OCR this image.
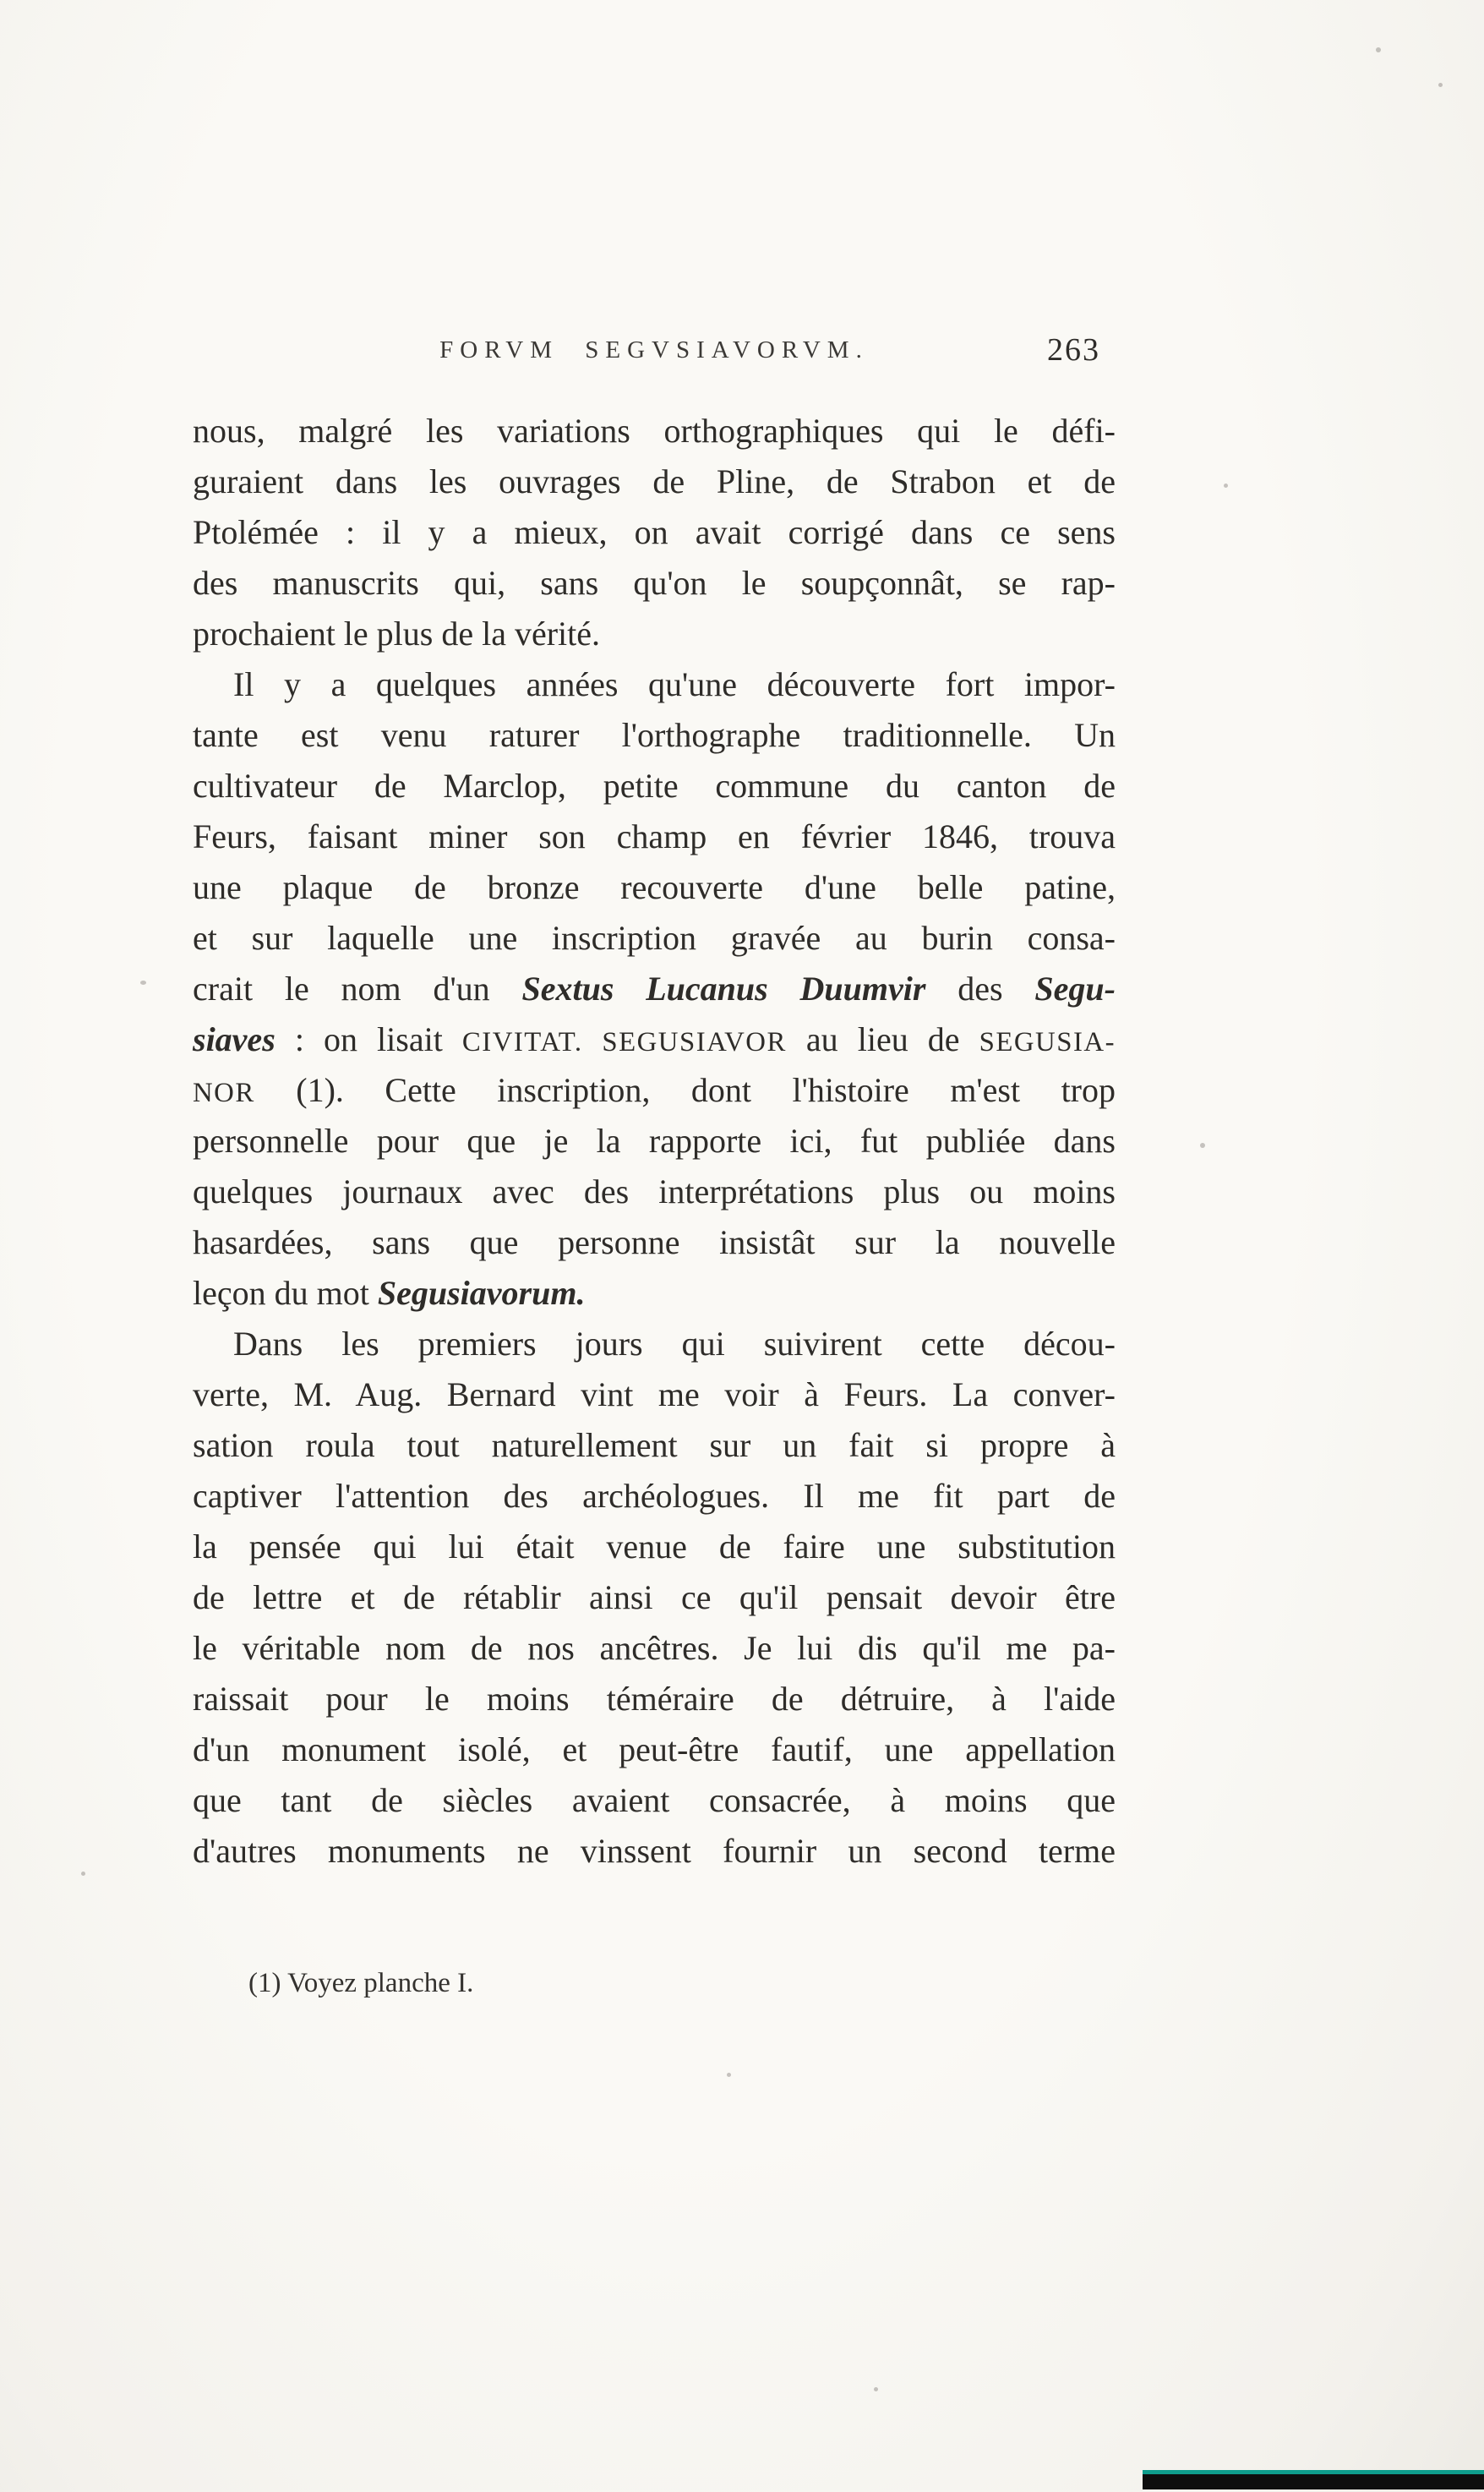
FORVM SEGVSIAVORVM.	263
nous, malgré les variations orthographiques qui le défi-
guraient dans les ouvrages de Pline, de Strabon et de
Ptolémée : il y a mieux, on avait corrigé dans ce sens
des manuscrits qui, sans qu'on le soupçonnât, se rap-
prochaient le plus de la vérité.
Il y a quelques années qu'une découverte fort impor-
tante est venu raturer l'orthographe traditionnelle. Un
cultivateur de Marclop, petite commune du canton de
Feurs, faisant miner son champ en février 1846, trouva
une plaque de bronze recouverte d'une belle patine,
et sur laquelle une inscription gravée au burin consa-
crait le nom d'un Sextus Lucanus Duumvir des Segu-
siaves : on lisait CIVITAT. SEGUSIAVOR au lieu de SEGUSIA-
NOR (1). Cette inscription, dont l'histoire m'est trop
personnelle pour que je la rapporte ici, fut publiée dans
quelques journaux avec des interprétations plus ou moins
hasardées, sans que personne insistât sur la nouvelle
leçon du mot Segusiavorum.
Dans les premiers jours qui suivirent cette décou-
verte, M. Aug. Bernard vint me voir à Feurs. La conver-
sation roula tout naturellement sur un fait si propre à
captiver l'attention des archéologues. Il me fit part de
la pensée qui lui était venue de faire une substitution
de lettre et de rétablir ainsi ce qu'il pensait devoir être
le véritable nom de nos ancêtres. Je lui dis qu'il me pa-
raissait pour le moins téméraire de détruire, à l'aide
d'un monument isolé, et peut-être fautif, une appellation
que tant de siècles avaient consacrée, à moins que
d'autres monuments ne vinssent fournir un second terme
(1) Voyez planche I.
